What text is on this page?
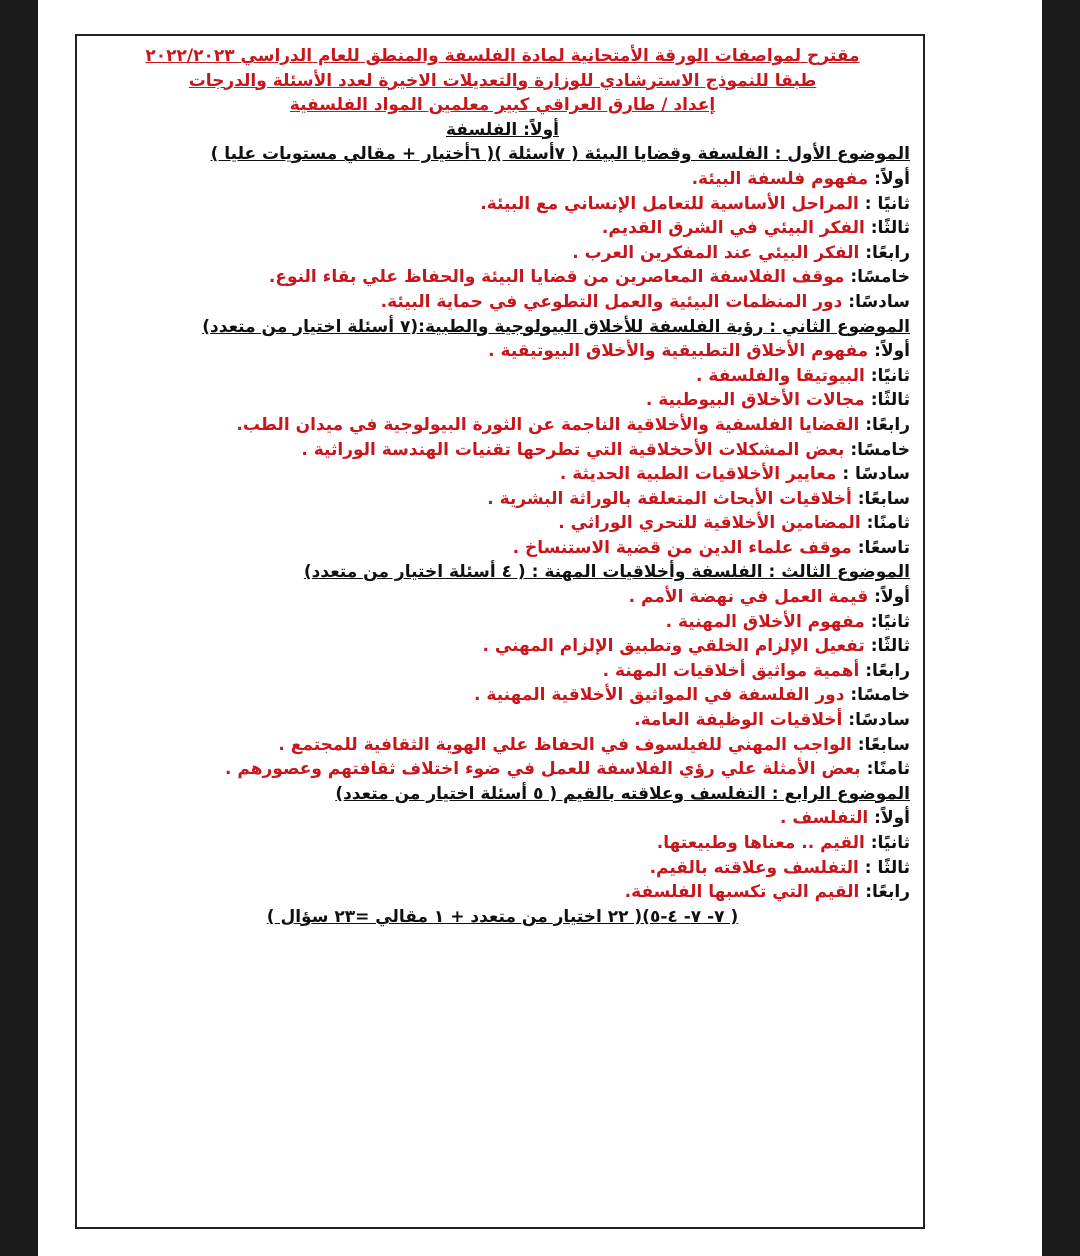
مقترح لمواصفات الورقة الأمتحانية لمادة الفلسفة والمنطق للعام الدراسي ٢٠٢٢/٢٠٢٣
طبقا للنموذج الاسترشادي للوزارة والتعديلات الاخيرة لعدد الأسئلة والدرجات
إعداد / طارق العراقي كبير معلمين المواد الفلسفية
أولاً: الفلسفة
الموضوع الأول : الفلسفة وقضايا البيئة ( ٧أسئلة )( ٦أختيار + مقالي مستويات عليا )
أولاً: مفهوم فلسفة البيئة.
ثانيًا : المراحل الأساسية للتعامل الإنساني مع البيئة.
ثالثًا: الفكر البيئي في الشرق القديم.
رابعًا: الفكر البيئي عند المفكرين العرب .
خامسًا: موقف الفلاسفة المعاصرين من قضايا البيئة والحفاظ علي بقاء النوع.
سادسًا: دور المنظمات البيئية والعمل التطوعي في حماية البيئة.
الموضوع الثاني : رؤية الفلسفة للأخلاق البيولوجية والطبية:(٧ أسئلة اختيار من متعدد)
أولاً: مفهوم الأخلاق التطبيقية والأخلاق البيوتيقية .
ثانيًا: البيوتيقا والفلسفة .
ثالثًا: مجالات الأخلاق البيوطبية .
رابعًا: القضايا الفلسفية والأخلاقية الناجمة عن الثورة البيولوجية في ميدان الطب.
خامسًا: بعض المشكلات الأحخلاقية التي تطرحها تقنيات الهندسة الوراثية .
سادسًا : معايير الأخلاقيات الطبية الحديثة .
سابعًا: أخلاقيات الأبحاث المتعلقة بالوراثة البشرية .
ثامنًا: المضامين الأخلاقية للتحري الوراثي .
تاسعًا: موقف علماء الدين من قضية الاستنساخ .
الموضوع الثالث : الفلسفة وأخلاقيات المهنة : ( ٤ أسئلة اختيار من متعدد)
أولاً: قيمة العمل في نهضة الأمم .
ثانيًا: مفهوم الأخلاق المهنية .
ثالثًا: تفعيل الإلزام الخلقي وتطبيق الإلزام المهني .
رابعًا: أهمية مواثيق أخلاقيات المهنة .
خامسًا: دور الفلسفة في المواثيق الأخلاقية المهنية .
سادسًا: أخلاقيات الوظيفة العامة.
سابعًا: الواجب المهني للفيلسوف في الحفاظ علي الهوية الثقافية للمجتمع .
ثامنًا: بعض الأمثلة علي رؤي الفلاسفة للعمل في ضوء اختلاف ثقافتهم وعصورهم .
الموضوع الرابع : التفلسف وعلاقته بالقيم ( ٥ أسئلة اختيار من متعدد)
أولاً: التفلسف .
ثانيًا: القيم .. معناها وطبيعتها.
ثالثًا : التفلسف وعلاقته بالقيم.
رابعًا: القيم التي تكسبها الفلسفة.
( ٧- ٧- ٤-٥)( ٢٢ اختيار من متعدد + ١ مقالي =٢٣ سؤال )
